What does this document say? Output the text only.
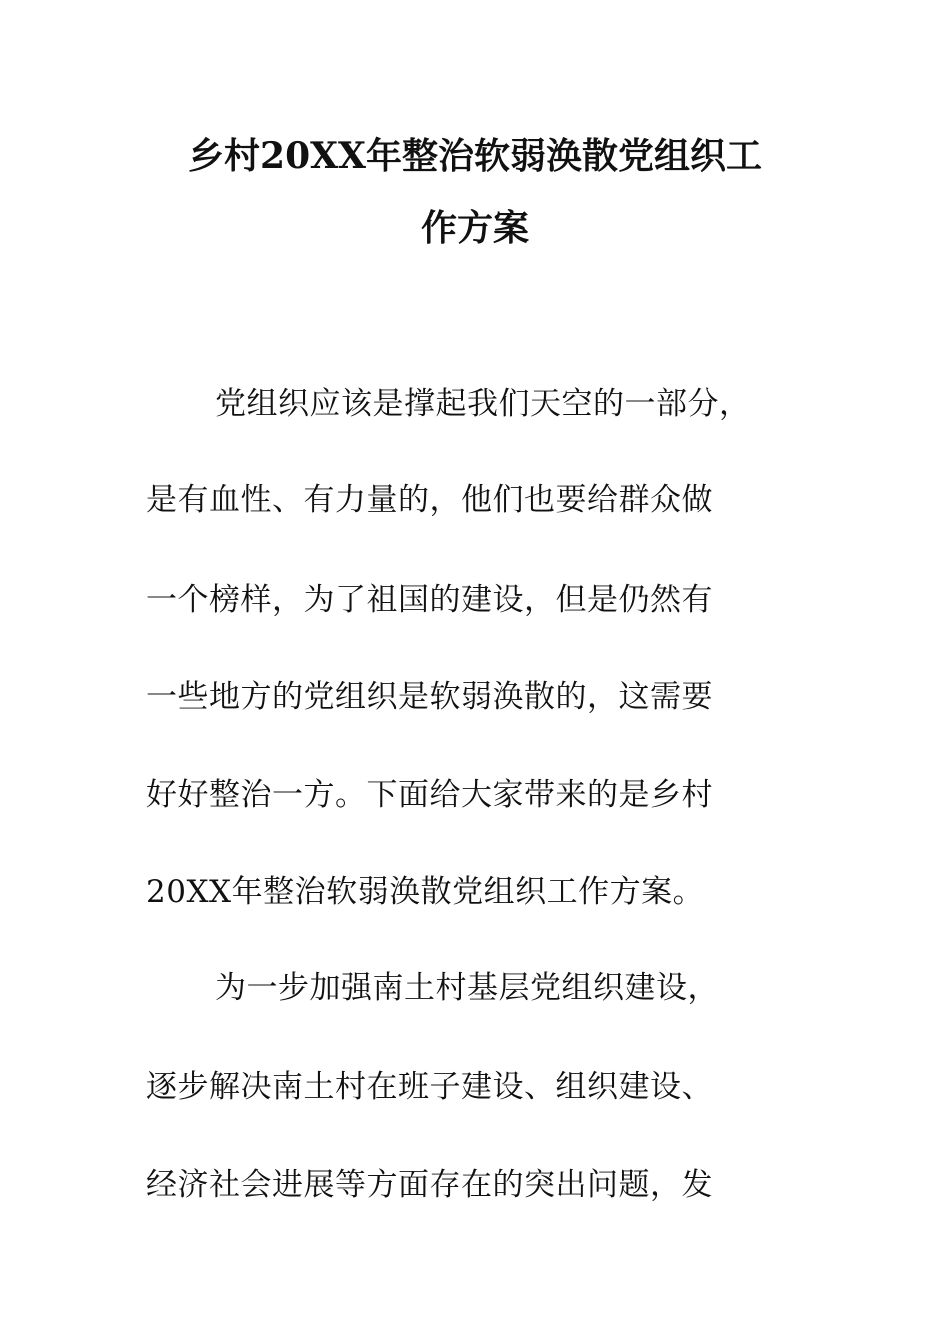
乡村20XX年整治软弱涣散党组织工
作方案
党组织应该是撑起我们天空的一部分，
是有血性、有力量的，他们也要给群众做
一个榜样，为了祖国的建设，但是仍然有
一些地方的党组织是软弱涣散的，这需要
好好整治一方。下面给大家带来的是乡村
20XX年整治软弱涣散党组织工作方案。
为一步加强南土村基层党组织建设，
逐步解决南土村在班子建设、组织建设、
经济社会进展等方面存在的突出问题，发
